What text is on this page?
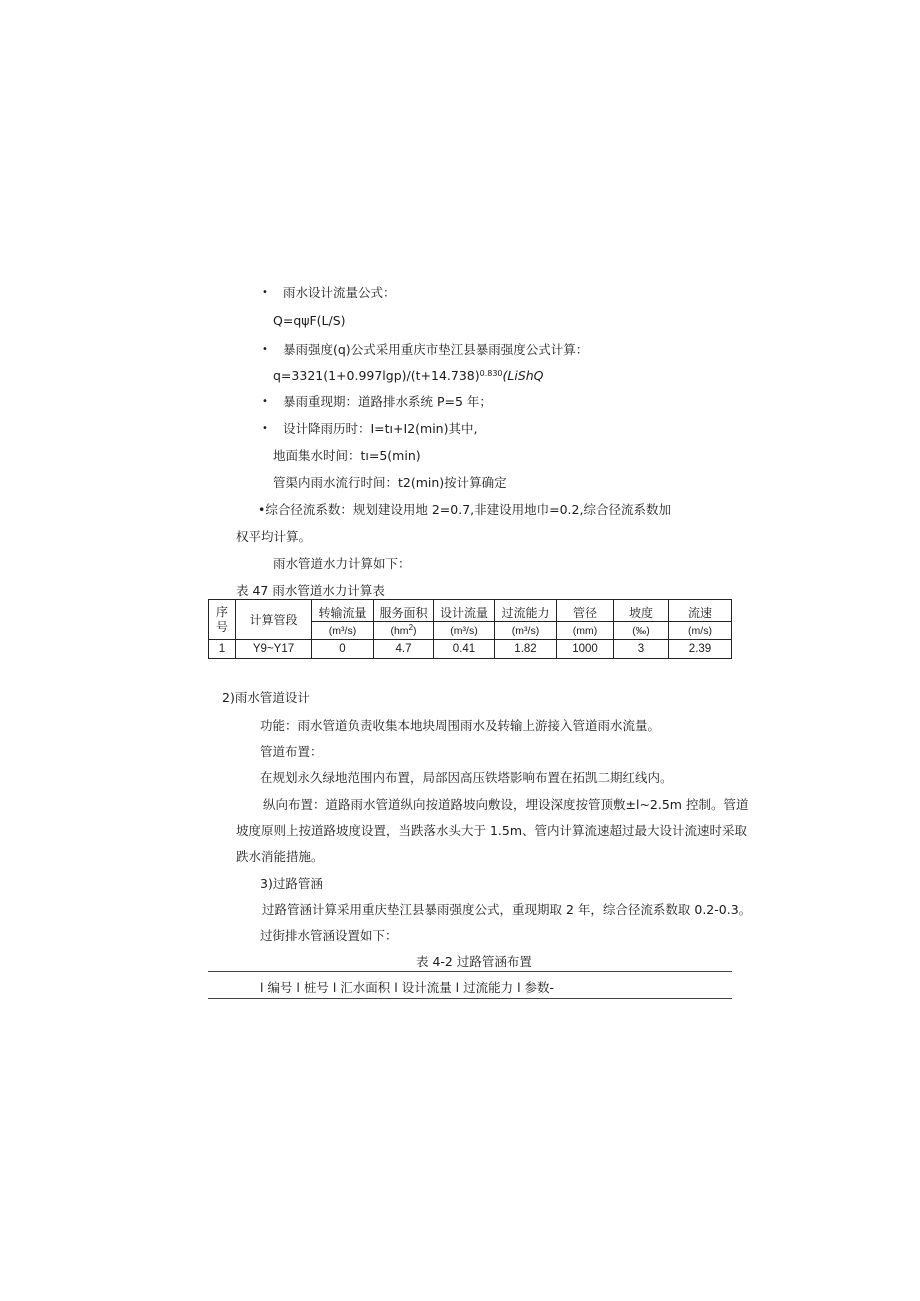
• 雨水设计流量公式：
Q=qψF(L/S)
• 暴雨强度(q)公式采用重庆市垫江县暴雨强度公式计算：
$q=3321(1+0.997\lg p)/(t+14.738)^{0.830}(LiShQ$
• 暴雨重现期：道路排水系统 P=5 年；
• 设计降雨历时：I=tı+I2(min)其中,
地面集水时间：tı=5(min)
管渠内雨水流行时间：t2(min)按计算确定
•综合径流系数：规划建设用地 2=0.7,非建设用地巾=0.2,综合径流系数加
权平均计算。
雨水管道水力计算如下：
表 47 雨水管道水力计算表
序号	计算管段	转输流量	服务面积	设计流量	过流能力	管径	坡度	流速
		(m³/s)	$(hm^2)$	(m³/s)	(m³/s)	(mm)	(‰)	(m/s)
1	Y9~Y17	0	4.7	0.41	1.82	1000	3	2.39
2)雨水管道设计
功能：雨水管道负责收集本地块周围雨水及转输上游接入管道雨水流量。
管道布置：
在规划永久绿地范围内布置，局部因高压铁塔影响布置在拓凯二期红线内。
纵向布置：道路雨水管道纵向按道路坡向敷设，埋设深度按管顶敷±l~2.5m 控制。管道
坡度原则上按道路坡度设置，当跌落水头大于 1.5m、管内计算流速超过最大设计流速时采取
跌水消能措施。
3)过路管涵
过路管涵计算采用重庆垫江县暴雨强度公式，重现期取 2 年，综合径流系数取 0.2-0.3。
过街排水管涵设置如下：
表 4-2 过路管涵布置
l 编号 l 桩号 l 汇水面积 l 设计流量 l 过流能力 l 参数-
